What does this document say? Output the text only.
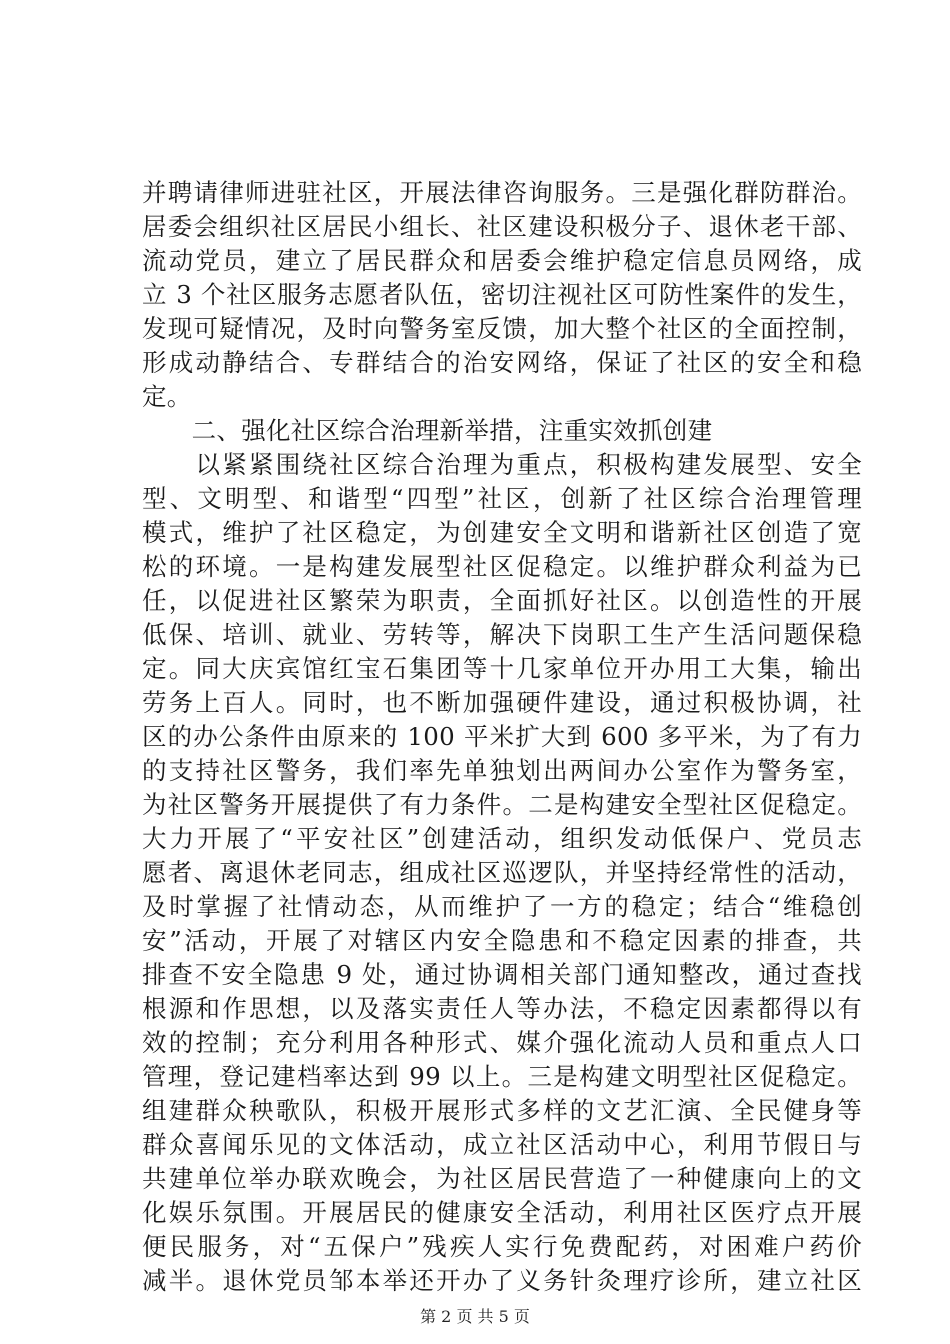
并聘请律师进驻社区，开展法律咨询服务。三是强化群防群治。
居委会组织社区居民小组长、社区建设积极分子、退休老干部、
流动党员，建立了居民群众和居委会维护稳定信息员网络，成
立 3 个社区服务志愿者队伍，密切注视社区可防性案件的发生，
发现可疑情况，及时向警务室反馈，加大整个社区的全面控制，
形成动静结合、专群结合的治安网络，保证了社区的安全和稳
定。
　　二、强化社区综合治理新举措，注重实效抓创建
　　以紧紧围绕社区综合治理为重点，积极构建发展型、安全
型、文明型、和谐型“四型”社区，创新了社区综合治理管理
模式，维护了社区稳定，为创建安全文明和谐新社区创造了宽
松的环境。一是构建发展型社区促稳定。以维护群众利益为已
任，以促进社区繁荣为职责，全面抓好社区。以创造性的开展
低保、培训、就业、劳转等，解决下岗职工生产生活问题保稳
定。同大庆宾馆红宝石集团等十几家单位开办用工大集，输出
劳务上百人。同时，也不断加强硬件建设，通过积极协调，社
区的办公条件由原来的 100 平米扩大到 600 多平米，为了有力
的支持社区警务，我们率先单独划出两间办公室作为警务室，
为社区警务开展提供了有力条件。二是构建安全型社区促稳定。
大力开展了“平安社区”创建活动，组织发动低保户、党员志
愿者、离退休老同志，组成社区巡逻队，并坚持经常性的活动，
及时掌握了社情动态，从而维护了一方的稳定；结合“维稳创
安”活动，开展了对辖区内安全隐患和不稳定因素的排查，共
排查不安全隐患 9 处，通过协调相关部门通知整改，通过查找
根源和作思想，以及落实责任人等办法，不稳定因素都得以有
效的控制；充分利用各种形式、媒介强化流动人员和重点人口
管理，登记建档率达到 99 以上。三是构建文明型社区促稳定。
组建群众秧歌队，积极开展形式多样的文艺汇演、全民健身等
群众喜闻乐见的文体活动，成立社区活动中心，利用节假日与
共建单位举办联欢晚会，为社区居民营造了一种健康向上的文
化娱乐氛围。开展居民的健康安全活动，利用社区医疗点开展
便民服务，对“五保户”残疾人实行免费配药，对困难户药价
减半。退休党员邹本举还开办了义务针灸理疗诊所，建立社区
第 2 页 共 5 页
